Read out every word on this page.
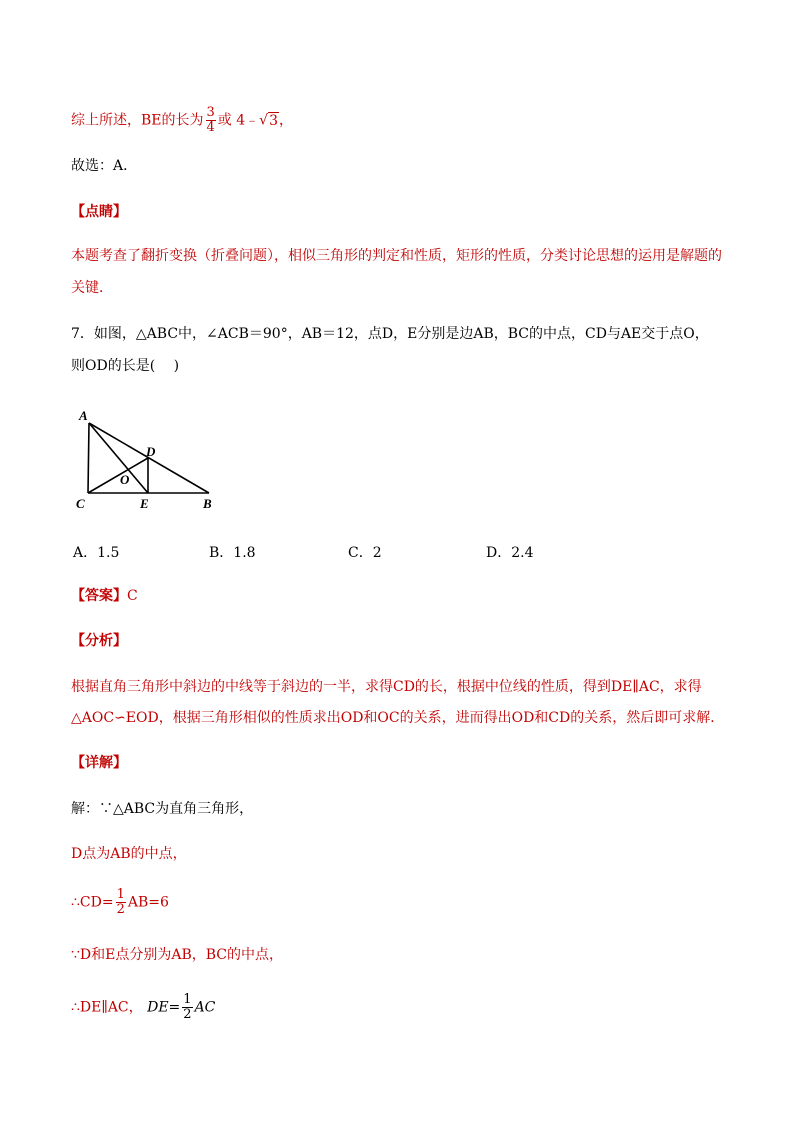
综上所述，BE的长为 $\frac{3}{4}$ 或 4﹣√3，
故选：A．
【点睛】
本题考查了翻折变换（折叠问题），相似三角形的判定和性质，矩形的性质，分类讨论思想的运用是解题的
关键．
7．如图，△ABC中，∠ACB＝90°，AB＝12，点D，E分别是边AB，BC的中点，CD与AE交于点O，
则OD的长是(　 )
A
D
O
C	E	B
A．1.5	B．1.8	C．2	D．2.4
【答案】C
【分析】
根据直角三角形中斜边的中线等于斜边的一半，求得CD的长，根据中位线的性质，得到DE∥AC，求得
△AOC∽EOD，根据三角形相似的性质求出OD和OC的关系，进而得出OD和CD的关系，然后即可求解．
【详解】
解：∵△ABC为直角三角形，
D点为AB的中点，
∴CD= $\frac{1}{2} AB=6$
∵D和E点分别为AB，BC的中点，
∴DE∥AC， $DE= \frac{1}{2}$ AC
